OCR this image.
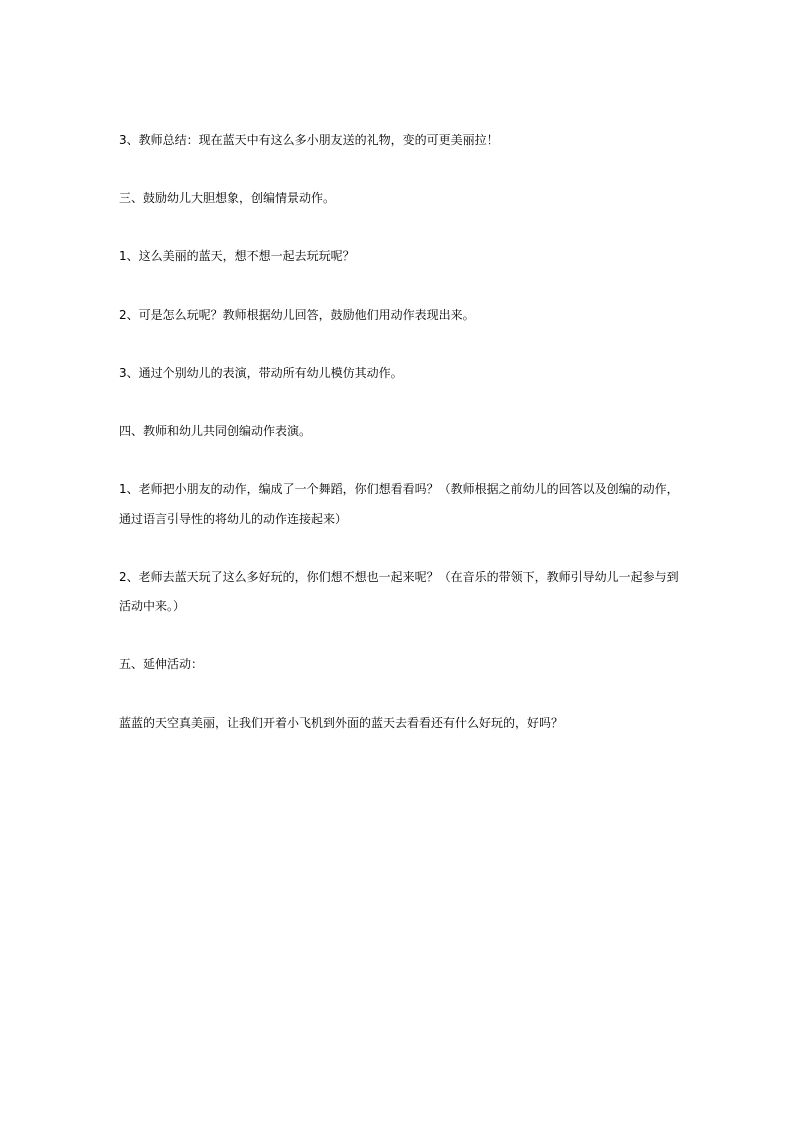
3、教师总结：现在蓝天中有这么多小朋友送的礼物，变的可更美丽拉！
三、鼓励幼儿大胆想象，创编情景动作。
1、这么美丽的蓝天，想不想一起去玩玩呢？
2、可是怎么玩呢？教师根据幼儿回答，鼓励他们用动作表现出来。
3、通过个别幼儿的表演，带动所有幼儿模仿其动作。
四、教师和幼儿共同创编动作表演。
1、老师把小朋友的动作，编成了一个舞蹈，你们想看看吗？（教师根据之前幼儿的回答以及创编的动作，
通过语言引导性的将幼儿的动作连接起来）
2、老师去蓝天玩了这么多好玩的，你们想不想也一起来呢？（在音乐的带领下，教师引导幼儿一起参与到
活动中来。）
五、延伸活动：
蓝蓝的天空真美丽，让我们开着小飞机到外面的蓝天去看看还有什么好玩的，好吗？
